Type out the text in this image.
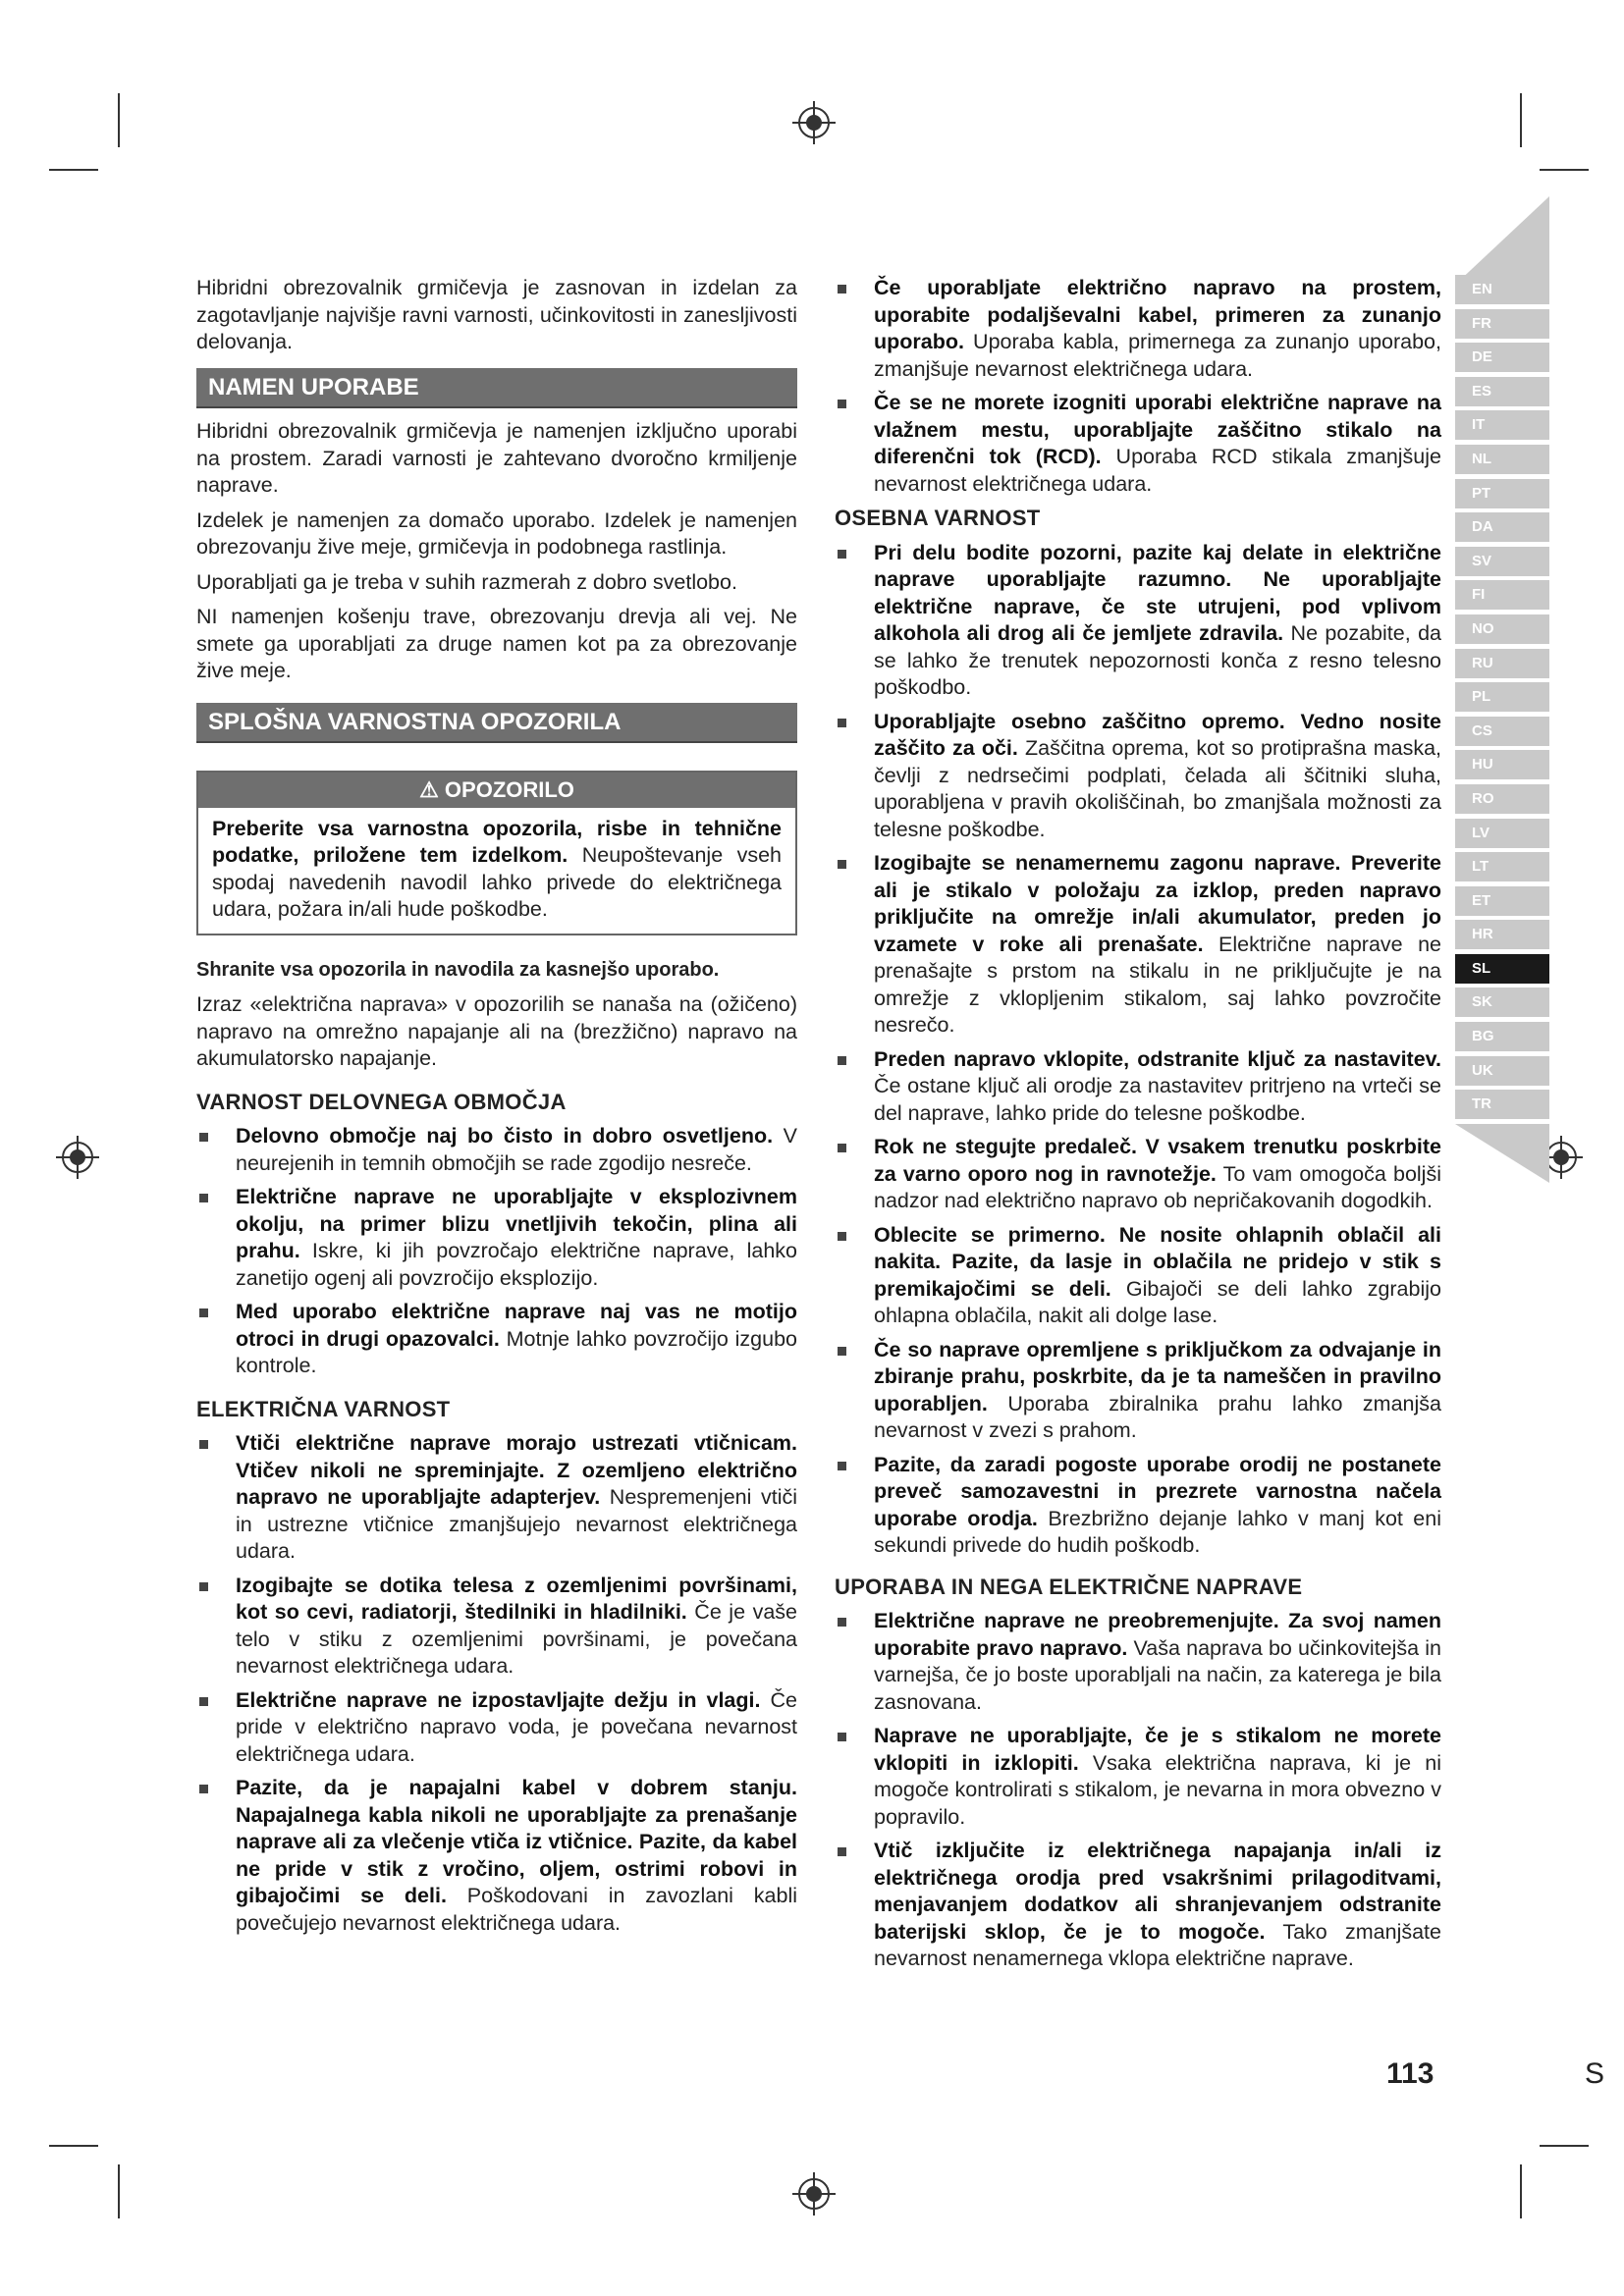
Hibridni obrezovalnik grmičevja je zasnovan in izdelan za zagotavljanje najvišje ravni varnosti, učinkovitosti in zanesljivosti delovanja.

NAMEN UPORABE

Hibridni obrezovalnik grmičevja je namenjen izključno uporabi na prostem. Zaradi varnosti je zahtevano dvoročno krmiljenje naprave.

Izdelek je namenjen za domačo uporabo. Izdelek je namenjen obrezovanju žive meje, grmičevja in podobnega rastlinja.

Uporabljati ga je treba v suhih razmerah z dobro svetlobo.

NI namenjen košenju trave, obrezovanju drevja ali vej. Ne smete ga uporabljati za druge namen kot pa za obrezovanje žive meje.

SPLOŠNA VARNOSTNA OPOZORILA
⚠ OPOZORILO
Preberite vsa varnostna opozorila, risbe in tehnične podatke, priložene tem izdelkom. Neupoštevanje vseh spodaj navedenih navodil lahko privede do električnega udara, požara in/ali hude poškodbe.
Shranite vsa opozorila in navodila za kasnejšo uporabo.

Izraz «električna naprava» v opozorilih se nanaša na (ožičeno) napravo na omrežno napajanje ali na (brezžično) napravo na akumulatorsko napajanje.

VARNOST DELOVNEGA OBMOČJA
Delovno območje naj bo čisto in dobro osvetljeno. V neurejenih in temnih območjih se rade zgodijo nesreče.
Električne naprave ne uporabljajte v eksplozivnem okolju, na primer blizu vnetljivih tekočin, plina ali prahu. Iskre, ki jih povzročajo električne naprave, lahko zanetijo ogenj ali povzročijo eksplozijo.
Med uporabo električne naprave naj vas ne motijo otroci in drugi opazovalci. Motnje lahko povzročijo izgubo kontrole.
ELEKTRIČNA VARNOST
Vtiči električne naprave morajo ustrezati vtičnicam. Vtičev nikoli ne spreminjajte. Z ozemljeno električno napravo ne uporabljajte adapterjev. Nespremenjeni vtiči in ustrezne vtičnice zmanjšujejo nevarnost električnega udara.
Izogibajte se dotika telesa z ozemljenimi površinami, kot so cevi, radiatorji, štedilniki in hladilniki. Če je vaše telo v stiku z ozemljenimi površinami, je povečana nevarnost električnega udara.
Električne naprave ne izpostavljajte dežju in vlagi. Če pride v električno napravo voda, je povečana nevarnost električnega udara.
Pazite, da je napajalni kabel v dobrem stanju. Napajalnega kabla nikoli ne uporabljajte za prenašanje naprave ali za vlečenje vtiča iz vtičnice. Pazite, da kabel ne pride v stik z vročino, oljem, ostrimi robovi in gibajočimi se deli. Poškodovani in zavozlani kabli povečujejo nevarnost električnega udara.
Če uporabljate električno napravo na prostem, uporabite podaljševalni kabel, primeren za zunanjo uporabo. Uporaba kabla, primernega za zunanjo uporabo, zmanjšuje nevarnost električnega udara.
Če se ne morete izogniti uporabi električne naprave na vlažnem mestu, uporabljajte zaščitno stikalo na diferenčni tok (RCD). Uporaba RCD stikala zmanjšuje nevarnost električnega udara.
OSEBNA VARNOST
Pri delu bodite pozorni, pazite kaj delate in električne naprave uporabljajte razumno. Ne uporabljajte električne naprave, če ste utrujeni, pod vplivom alkohola ali drog ali če jemljete zdravila. Ne pozabite, da se lahko že trenutek nepozornosti konča z resno telesno poškodbo.
Uporabljajte osebno zaščitno opremo. Vedno nosite zaščito za oči. Zaščitna oprema, kot so protiprašna maska, čevlji z nedrsečimi podplati, čelada ali ščitniki sluha, uporabljena v pravih okoliščinah, bo zmanjšala možnosti za telesne poškodbe.
Izogibajte se nenamernemu zagonu naprave. Preverite ali je stikalo v položaju za izklop, preden napravo priključite na omrežje in/ali akumulator, preden jo vzamete v roke ali prenašate. Električne naprave ne prenašajte s prstom na stikalu in ne priključujte je na omrežje z vklopljenim stikalom, saj lahko povzročite nesrečo.
Preden napravo vklopite, odstranite ključ za nastavitev. Če ostane ključ ali orodje za nastavitev pritrjeno na vrteči se del naprave, lahko pride do telesne poškodbe.
Rok ne stegujte predaleč. V vsakem trenutku poskrbite za varno oporo nog in ravnotežje. To vam omogoča boljši nadzor nad električno napravo ob nepričakovanih dogodkih.
Oblecite se primerno. Ne nosite ohlapnih oblačil ali nakita. Pazite, da lasje in oblačila ne pridejo v stik s premikajočimi se deli. Gibajoči se deli lahko zgrabijo ohlapna oblačila, nakit ali dolge lase.
Če so naprave opremljene s priključkom za odvajanje in zbiranje prahu, poskrbite, da je ta nameščen in pravilno uporabljen. Uporaba zbiralnika prahu lahko zmanjša nevarnost v zvezi s prahom.
Pazite, da zaradi pogoste uporabe orodij ne postanete preveč samozavestni in prezrete varnostna načela uporabe orodja. Brezbrižno dejanje lahko v manj kot eni sekundi privede do hudih poškodb.
UPORABA IN NEGA ELEKTRIČNE NAPRAVE
Električne naprave ne preobremenjujte. Za svoj namen uporabite pravo napravo. Vaša naprava bo učinkovitejša in varnejša, če jo boste uporabljali na način, za katerega je bila zasnovana.
Naprave ne uporabljajte, če je s stikalom ne morete vklopiti in izklopiti. Vsaka električna naprava, ki je ni mogoče kontrolirati s stikalom, je nevarna in mora obvezno v popravilo.
Vtič izključite iz električnega napajanja in/ali iz električnega orodja pred vsakršnimi prilagoditvami, menjavanjem dodatkov ali shranjevanjem odstranite baterijski sklop, če je to mogoče. Tako zmanjšate nevarnost nenamernega vklopa električne naprave.
EN
FR
DE
ES
IT
NL
PT
DA
SV
FI
NO
RU
PL
CS
HU
RO
LV
LT
ET
HR
SL
SK
BG
UK
TR
113	S
